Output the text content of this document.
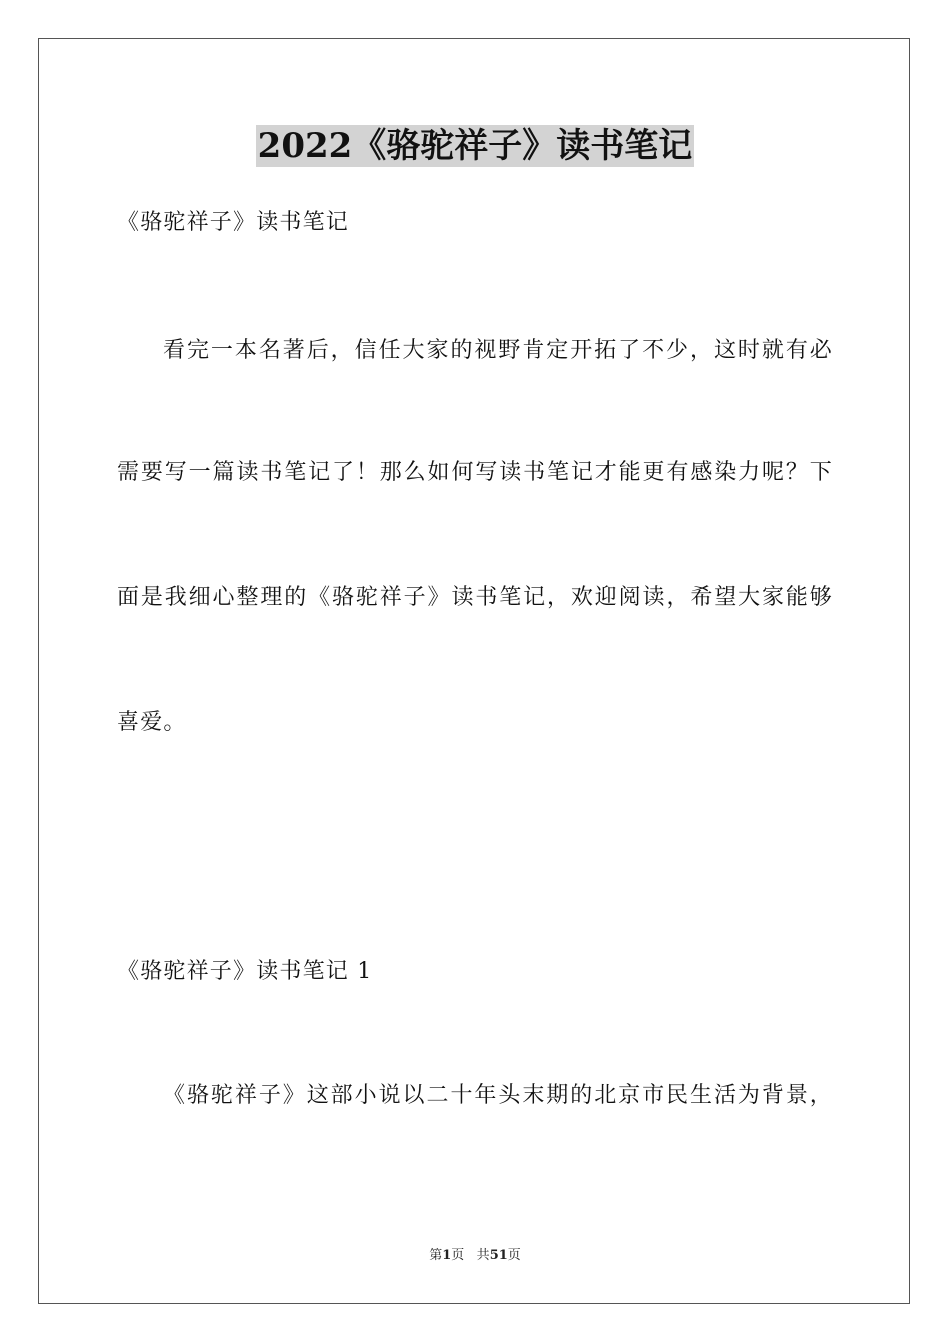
2022《骆驼祥子》读书笔记
《骆驼祥子》读书笔记
看完一本名著后，信任大家的视野肯定开拓了不少，这时就有必
需要写一篇读书笔记了！那么如何写读书笔记才能更有感染力呢？下
面是我细心整理的《骆驼祥子》读书笔记，欢迎阅读，希望大家能够
喜爱。
《骆驼祥子》读书笔记 1
《骆驼祥子》这部小说以二十年头末期的北京市民生活为背景，
第1页 共51页
